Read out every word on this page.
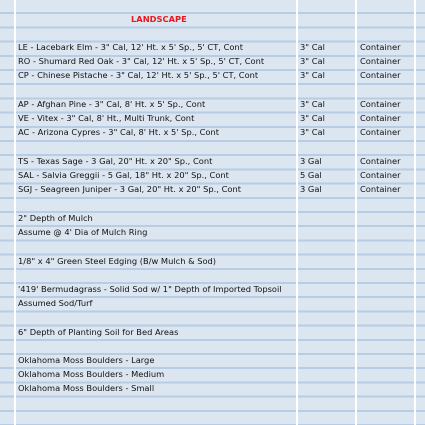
LANDSCAPE
LE - Lacebark Elm - 3" Cal, 12' Ht. x 5' Sp., 5' CT, Cont	3" Cal	Container
RO - Shumard Red Oak - 3" Cal, 12' Ht. x 5' Sp., 5' CT, Cont	3" Cal	Container
CP - Chinese Pistache - 3" Cal, 12' Ht. x 5' Sp., 5' CT, Cont	3" Cal	Container
AP - Afghan Pine - 3" Cal, 8' Ht. x 5' Sp., Cont	3" Cal	Container
VE - Vitex - 3" Cal, 8' Ht., Multi Trunk, Cont	3" Cal	Container
AC - Arizona Cypres - 3" Cal, 8' Ht. x 5' Sp., Cont	3" Cal	Container
TS - Texas Sage - 3 Gal, 20" Ht. x 20" Sp., Cont	3 Gal	Container
SAL - Salvia Greggii - 5 Gal, 18" Ht. x 20" Sp., Cont	5 Gal	Container
SGJ - Seagreen Juniper - 3 Gal, 20" Ht. x 20" Sp., Cont	3 Gal	Container
2" Depth of Mulch
Assume @ 4' Dia of Mulch Ring
1/8" x 4" Green Steel Edging (B/w Mulch & Sod)
'419' Bermudagrass - Solid Sod w/ 1" Depth of Imported Topsoil
Assumed Sod/Turf
6" Depth of Planting Soil for Bed Areas
Oklahoma Moss Boulders - Large
Oklahoma Moss Boulders - Medium
Oklahoma Moss Boulders - Small
